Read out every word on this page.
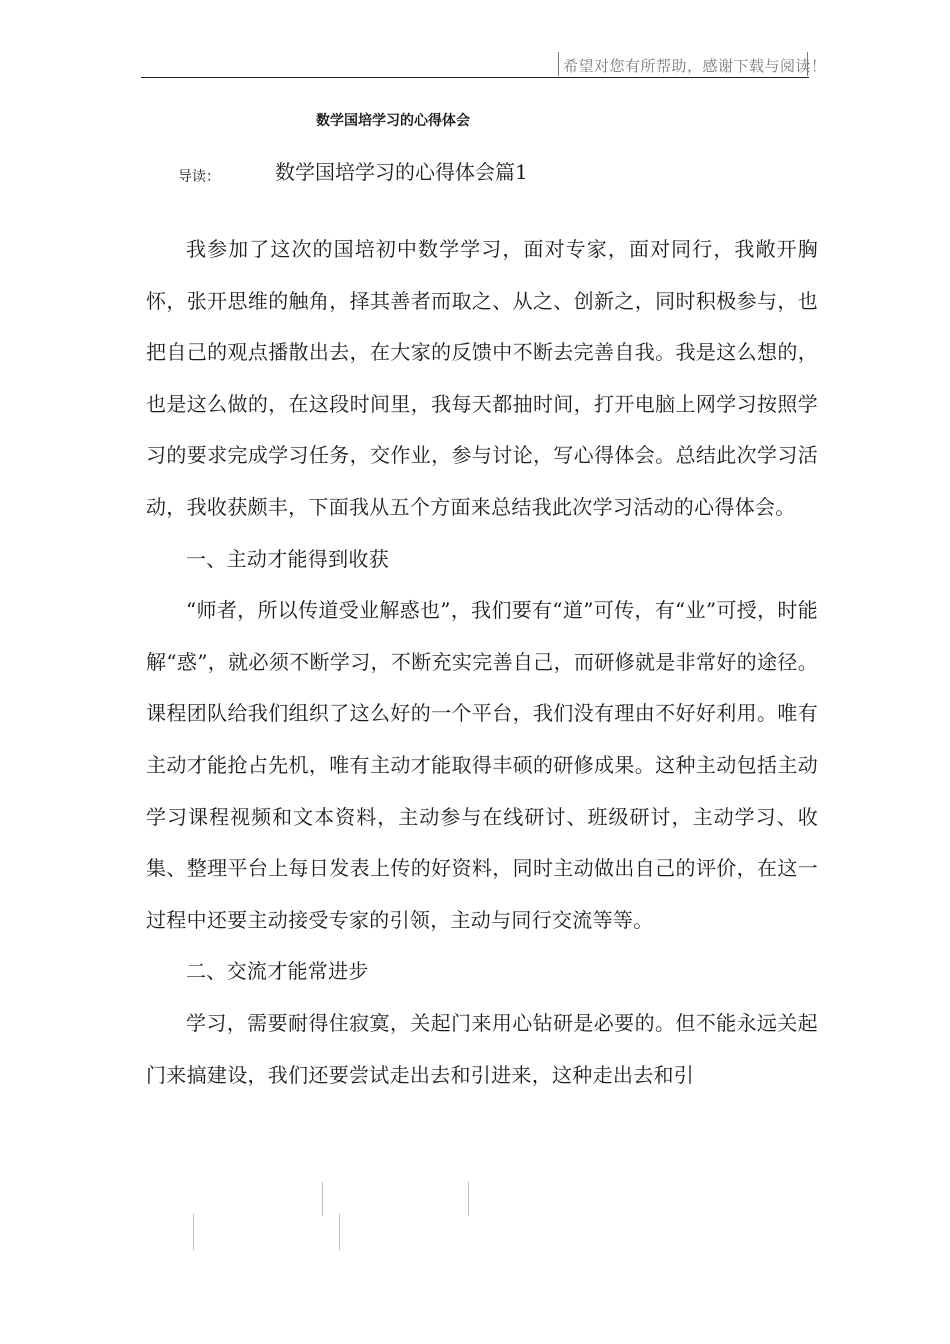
希望对您有所帮助，感谢下载与阅读！
数学国培学习的心得体会
导读：	数学国培学习的心得体会篇1

我参加了这次的国培初中数学学习，面对专家，面对同行，我敞开胸怀，张开思维的触角，择其善者而取之、从之、创新之，同时积极参与，也把自己的观点播散出去，在大家的反馈中不断去完善自我。我是这么想的，也是这么做的，在这段时间里，我每天都抽时间，打开电脑上网学习按照学习的要求完成学习任务，交作业，参与讨论，写心得体会。总结此次学习活动，我收获颇丰，下面我从五个方面来总结我此次学习活动的心得体会。

一、主动才能得到收获

“师者，所以传道受业解惑也”，我们要有“道”可传，有“业”可授，时能解“惑”，就必须不断学习，不断充实完善自己，而研修就是非常好的途径。课程团队给我们组织了这么好的一个平台，我们没有理由不好好利用。唯有主动才能抢占先机，唯有主动才能取得丰硕的研修成果。这种主动包括主动学习课程视频和文本资料，主动参与在线研讨、班级研讨，主动学习、收集、整理平台上每日发表上传的好资料，同时主动做出自己的评价，在这一过程中还要主动接受专家的引领，主动与同行交流等等。

二、交流才能常进步

学习，需要耐得住寂寞，关起门来用心钻研是必要的。但不能永远关起门来搞建设，我们还要尝试走出去和引进来，这种走出去和引
